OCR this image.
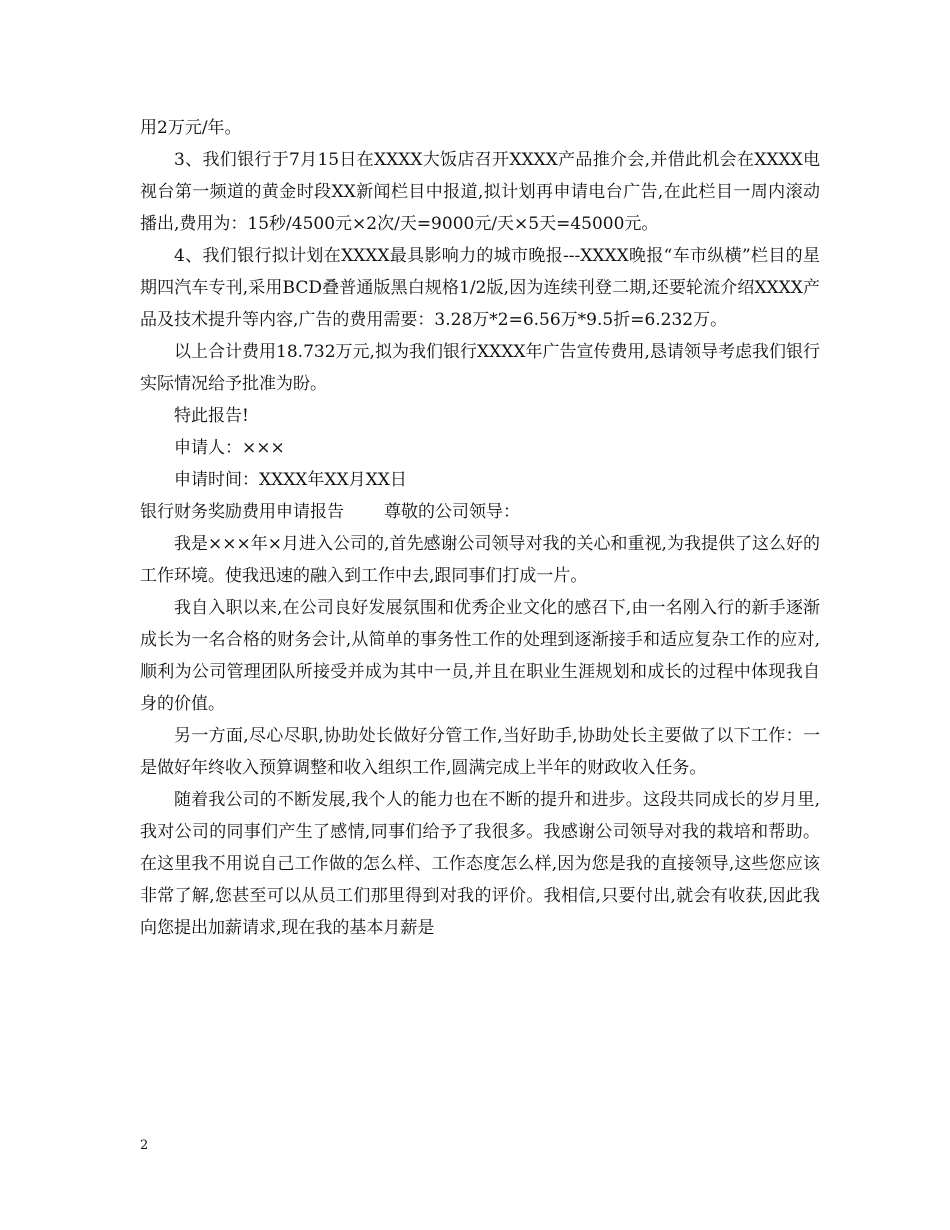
用2万元/年。

3、我们银行于7月15日在XXXX大饭店召开XXXX产品推介会,并借此机会在XXXX电视台第一频道的黄金时段XX新闻栏目中报道,拟计划再申请电台广告,在此栏目一周内滚动播出,费用为：15秒/4500元×2次/天=9000元/天×5天=45000元。

4、我们银行拟计划在XXXX最具影响力的城市晚报---XXXX晚报“车市纵横”栏目的星期四汽车专刊,采用BCD叠普通版黑白规格1/2版,因为连续刊登二期,还要轮流介绍XXXX产品及技术提升等内容,广告的费用需要：3.28万*2=6.56万*9.5折=6.232万。

以上合计费用18.732万元,拟为我们银行XXXX年广告宣传费用,恳请领导考虑我们银行实际情况给予批准为盼。

特此报告!

申请人：×××

申请时间：XXXX年XX月XX日

银行财务奖励费用申请报告 尊敬的公司领导：

我是×××年×月进入公司的,首先感谢公司领导对我的关心和重视,为我提供了这么好的工作环境。使我迅速的融入到工作中去,跟同事们打成一片。

我自入职以来,在公司良好发展氛围和优秀企业文化的感召下,由一名刚入行的新手逐渐成长为一名合格的财务会计,从简单的事务性工作的处理到逐渐接手和适应复杂工作的应对,顺利为公司管理团队所接受并成为其中一员,并且在职业生涯规划和成长的过程中体现我自身的价值。

另一方面,尽心尽职,协助处长做好分管工作,当好助手,协助处长主要做了以下工作：一是做好年终收入预算调整和收入组织工作,圆满完成上半年的财政收入任务。

随着我公司的不断发展,我个人的能力也在不断的提升和进步。这段共同成长的岁月里,我对公司的同事们产生了感情,同事们给予了我很多。我感谢公司领导对我的栽培和帮助。在这里我不用说自己工作做的怎么样、工作态度怎么样,因为您是我的直接领导,这些您应该非常了解,您甚至可以从员工们那里得到对我的评价。我相信,只要付出,就会有收获,因此我向您提出加薪请求,现在我的基本月薪是

2
